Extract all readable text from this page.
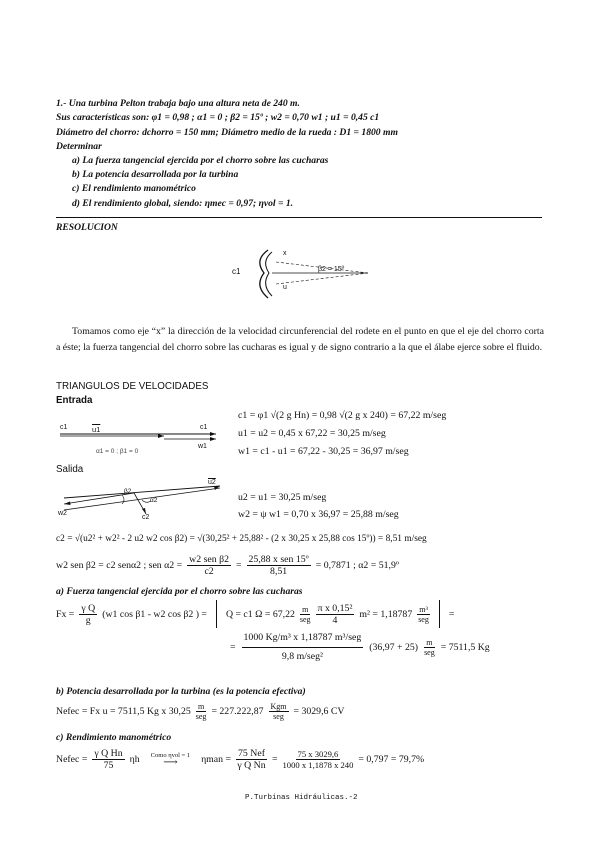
1.- Una turbina Pelton trabaja bajo una altura neta de 240 m.
Sus características son: φ1 = 0,98 ; α1 = 0 ; β2 = 15º ; w2 = 0,70 w1 ; u1 = 0,45 c1
Diámetro del chorro: dchorro = 150 mm; Diámetro medio de la rueda : D1 = 1800 mm
Determinar
a) La fuerza tangencial ejercida por el chorro sobre las cucharas
b) La potencia desarrollada por la turbina
c) El rendimiento manométrico
d) El rendimiento global, siendo: ηmec = 0,97; ηvol = 1.
RESOLUCION
c1
x
u
β2 = 15º
Tomamos como eje “x” la dirección de la velocidad circunferencial del rodete en el punto en que el eje del chorro corta a éste; la fuerza tangencial del chorro sobre las cucharas es igual y de signo contrario a la que el álabe ejerce sobre el fluido.
TRIANGULOS DE VELOCIDADES
Entrada
c1	u1	c1
w1
α1 = 0 ; β1 = 0
c1 = φ1 √(2 g Hn) = 0,98 √(2 g x 240) = 67,22 m/seg
u1 = u2 = 0,45 x 67,22 = 30,25 m/seg
w1 = c1 - u1 = 67,22 - 30,25 = 36,97 m/seg
Salida
u2
w2
c2
β2
α2	u2 = u1 = 30,25 m/seg
w2 = ψ w1 = 0,70 x 36,97 = 25,88 m/seg
c2 = √(u2² + w2² - 2 u2 w2 cos β2) = √(30,25² + 25,88² - (2 x 30,25 x 25,88 cos 15º)) = 8,51 m/seg
w2 sen β2 = c2 senα2 ; sen $\alpha 2 = \frac{\text{w2 sen β2}}{c2} = \frac{\text{25,88 x sen 15º}}{8,51} = 0,7871$ ; α2 = 51,9º
a) Fuerza tangencial ejercida por el chorro sobre las cucharas
$Fx = \frac{\text{γ Q}}{g} (w1$ cos β1 - w2 cos β2 ) = Q = c1 $\Omega = 67,22 \frac{m}{\text{seg}} \frac{\text{π x 0,15²}}{4} m^2 = 1,18787 \frac{\text{m³}}{\text{seg}}$ =
= $\frac{\text{1000 Kg/m³ x 1,18787 m³/seg}}{\text{9,8 m/seg²}} (36,97 + 25) \frac{m}{\text{seg}} = 7511,5$ Kg
b) Potencia desarrollada por la turbina (es la potencia efectiva)
Nefec = Fx u = 7511,5 Kg x $30,25 \frac{m}{\text{seg}} = 227.222,87 \frac{\text{Kgm}}{\text{seg}} = 3029,6$ CV
c) Rendimiento manométrico
Nefec = $\frac{\text{γ Q Hn}}{75}$ ηh Como ηvol = 1
⟶ $\eta man = \frac{\text{75 Nef}}{\text{γ Q Nn}} = \frac{75 x 3029,6}{1000 x 1,1878 x 240} = 0,797 = 79,7\%$
P.Turbinas Hidráulicas.-2
